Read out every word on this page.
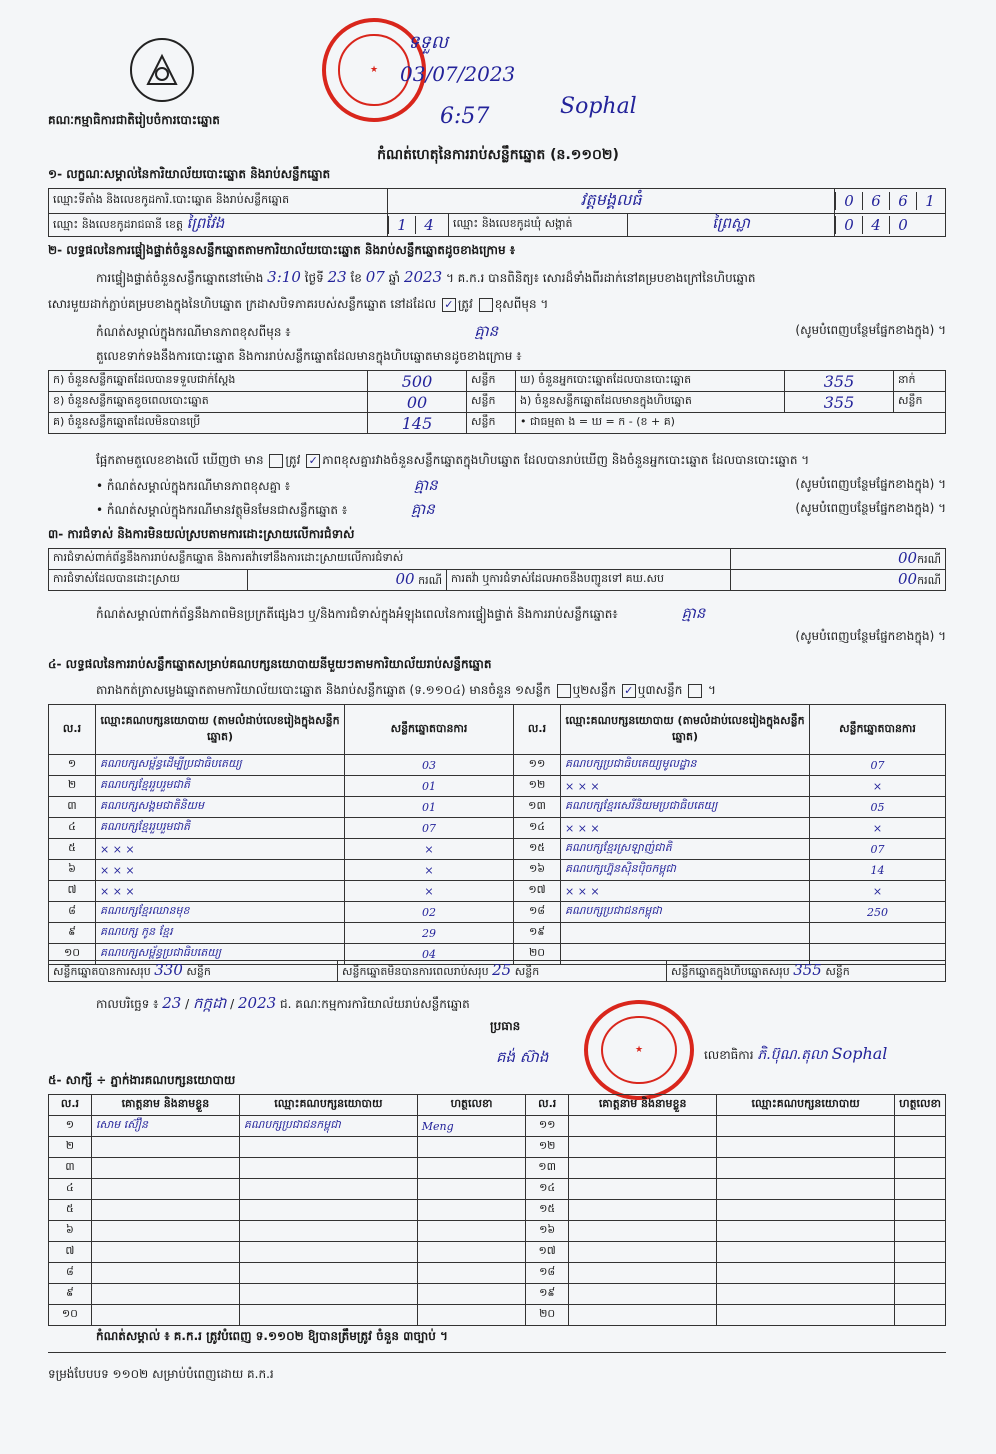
★
ទទួល
03/07/2023
6:57	Sophal
គណៈកម្មាធិការជាតិរៀបចំការបោះឆ្នោត
កំណត់ហេតុនៃការរាប់សន្លឹកឆ្នោត (ន.១១០២)
១- លក្ខណៈសម្គាល់នៃការិយាល័យបោះឆ្នោត និងរាប់សន្លឹកឆ្នោត
ឈ្មោះទីតាំង និងលេខកូដការិ.បោះឆ្នោត និងរាប់សន្លឹកឆ្នោត	វត្តមង្គលធំ			0 6 6 1
ឈ្មោះ និងលេខកូដរាជធានី ខេត្ត ព្រៃវែង	1 4	ឈ្មោះ និងលេខកូដឃុំ សង្កាត់	ព្រៃស្លា	0 4 0
២- លទ្ធផលនៃការផ្ទៀងផ្ទាត់ចំនួនសន្លឹកឆ្នោតតាមការិយាល័យបោះឆ្នោត និងរាប់សន្លឹកឆ្នោតដូចខាងក្រោម ៖
ការផ្ទៀងផ្ទាត់ចំនួនសន្លឹកឆ្នោតនៅម៉ោង 3:10 ថ្ងៃទី 23 ខែ 07 ឆ្នាំ 2023 ។ គ.ក.រ បានពិនិត្យ៖ សោរដ៏ទាំងពីរដាក់នៅគម្របខាងក្រៅនៃហិបឆ្នោត
សោរមួយដាក់ភ្ជាប់គម្របខាងក្នុងនៃហិបឆ្នោត ក្រដាសបិទភាគរបស់សន្លឹកឆ្នោត នៅដដែល ✓ ត្រូវ ខុសពីមុន ។
កំណត់សម្គាល់ក្នុងករណីមានភាពខុសពីមុន ៖	គ្មាន	(សូមបំពេញបន្ថែមផ្នែកខាងក្នុង) ។
តួលេខទាក់ទងនឹងការបោះឆ្នោត និងការរាប់សន្លឹកឆ្នោតដែលមានក្នុងហិបឆ្នោតមានដូចខាងក្រោម ៖
ក) ចំនួនសន្លឹកឆ្នោតដែលបានទទួលជាក់ស្តែង	500	សន្លឹក	ឃ) ចំនួនអ្នកបោះឆ្នោតដែលបានបោះឆ្នោត	355	នាក់
ខ) ចំនួនសន្លឹកឆ្នោតខូចពេលបោះឆ្នោត	00	សន្លឹក	ង) ចំនួនសន្លឹកឆ្នោតដែលមានក្នុងហិបឆ្នោត	355	សន្លឹក
គ) ចំនួនសន្លឹកឆ្នោតដែលមិនបានប្រើ	145	សន្លឹក	• ជាធម្មតា ង = ឃ = ក - (ខ + គ)		
ផ្អែកតាមតួលេខខាងលើ ឃើញថា មាន ត្រូវ ✓ ភាពខុសគ្នារវាងចំនួនសន្លឹកឆ្នោតក្នុងហិបឆ្នោត ដែលបានរាប់ឃើញ និងចំនួនអ្នកបោះឆ្នោត ដែលបានបោះឆ្នោត ។
• កំណត់សម្គាល់ក្នុងករណីមានភាពខុសគ្នា ៖	គ្មាន	(សូមបំពេញបន្ថែមផ្នែកខាងក្នុង) ។
• កំណត់សម្គាល់ក្នុងករណីមានវត្ថុមិនមែនជាសន្លឹកឆ្នោត ៖	គ្មាន	(សូមបំពេញបន្ថែមផ្នែកខាងក្នុង) ។
៣- ការជំទាស់ និងការមិនយល់ស្របតាមការដោះស្រាយលើការជំទាស់
ការជំទាស់ពាក់ព័ន្ធនឹងការរាប់សន្លឹកឆ្នោត និងការតវ៉ាទៅនឹងការដោះស្រាយលើការជំទាស់			00ករណី
ការជំទាស់ដែលបានដោះស្រាយ	00 ករណី	ការតវ៉ា ឬការជំទាស់ដែលអាចនឹងបញ្ជូនទៅ គឃ.សប	00ករណី
កំណត់សម្គាល់ពាក់ព័ន្ធនឹងភាពមិនប្រក្រតីផ្សេងៗ ឬ/និងការជំទាស់ក្នុងអំឡុងពេលនៃការផ្ទៀងផ្ទាត់ និងការរាប់សន្លឹកឆ្នោត៖	គ្មាន
(សូមបំពេញបន្ថែមផ្នែកខាងក្នុង) ។
៤- លទ្ធផលនៃការរាប់សន្លឹកឆ្នោតសម្រាប់គណបក្សនយោបាយនីមួយៗតាមការិយាល័យរាប់សន្លឹកឆ្នោត
តារាងកត់ត្រាសម្លេងឆ្នោតតាមការិយាល័យបោះឆ្នោត និងរាប់សន្លឹកឆ្នោត (ទ.១១០៤) មានចំនួន ១សន្លឹក ឬ២សន្លឹក ✓ ឬ៣សន្លឹក  ។
ល.រ	ឈ្មោះគណបក្សនយោបាយ (តាមលំដាប់លេខរៀងក្នុងសន្លឹកឆ្នោត)	សន្លឹកឆ្នោតបានការ	ល.រ	ឈ្មោះគណបក្សនយោបាយ (តាមលំដាប់លេខរៀងក្នុងសន្លឹកឆ្នោត)	សន្លឹកឆ្នោតបានការ
១	គណបក្សសម្ព័ន្ធដើម្បីប្រជាធិបតេយ្យ	03	១១	គណបក្សប្រជាធិបតេយ្យមូលដ្ឋាន	07
២	គណបក្សខ្មែររួបរួមជាតិ	01	១២	× × ×	×
៣	គណបក្សសង្គមជាតិនិយម	01	១៣	គណបក្សខ្មែរសេរីនិយមប្រជាធិបតេយ្យ	05
៤	គណបក្សខ្មែររួបរួមជាតិ	07	១៤	× × ×	×
៥	× × ×	×	១៥	គណបក្សខ្មែរស្រឡាញ់ជាតិ	07
៦	× × ×	×	១៦	គណបក្សហ្វ៊ុនស៊ិនប៉ិចកម្ពុជា	14
៧	× × ×	×	១៧	× × ×	×
៨	គណបក្សខ្មែរឈានមុខ	02	១៨	គណបក្សប្រជាជនកម្ពុជា	250
៩	គណបក្ស កូន ខ្មែរ	29	១៩		
១០	គណបក្សសម្ព័ន្ធប្រជាធិបតេយ្យ	04	២០		
សន្លឹកឆ្នោតបានការសរុប 330 សន្លឹក	សន្លឹកឆ្នោតមិនបានការពេលរាប់សរុប 25 សន្លឹក	សន្លឹកឆ្នោតក្នុងហិបឆ្នោតសរុប 355 សន្លឹក
កាលបរិច្ឆេទ ៖ 23 / កក្កដា / 2023 ជ. គណៈកម្មការការិយាល័យរាប់សន្លឹកឆ្នោត
ប្រធាន
គង់ ស៊ាង	★	លេខាធិការ ភិ.ប៊ុណ.តុលា Sophal
៥- សាក្សី ÷ ភ្នាក់ងារគណបក្សនយោបាយ
ល.រ	គោត្តនាម និងនាមខ្លួន	ឈ្មោះគណបក្សនយោបាយ	ហត្ថលេខា	ល.រ	គោត្តនាម និងនាមខ្លួន	ឈ្មោះគណបក្សនយោបាយ	ហត្ថលេខា
១	សោម ស៊ឿន	គណបក្សប្រជាជនកម្ពុជា	Meng	១១			
២				១២			
៣				១៣			
៤				១៤			
៥				១៥			
៦				១៦			
៧				១៧			
៨				១៨			
៩				១៩			
១០				២០			
កំណត់សម្គាល់ ៖ គ.ក.រ ត្រូវបំពេញ ទ.១១០២ ឱ្យបានត្រឹមត្រូវ ចំនួន ៣ច្បាប់ ។
ទម្រង់បែបបទ ១១០២ សម្រាប់បំពេញដោយ គ.ក.រ
